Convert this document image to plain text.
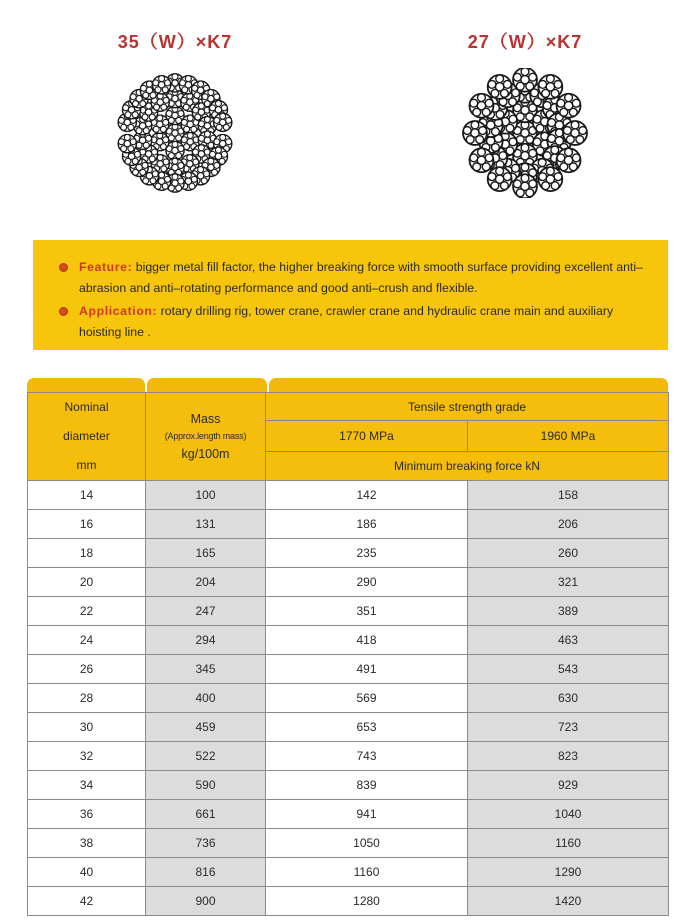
35（W）×K7	27（W）×K7
Feature: bigger metal fill factor, the higher breaking force with smooth surface providing excellent anti–abrasion and anti–rotating performance and good anti–crush and flexible.
Application: rotary drilling rig, tower crane, crawler crane and hydraulic crane main and auxiliary hoisting line .
Nominal
diameter
mm

Mass
(Approx.length mass)
kg/100m
	Tensile strength grade
		1770 MPa	1960 MPa
		Minimum breaking force kN	
14	100	142	158
16	131	186	206
18	165	235	260
20	204	290	321
22	247	351	389
24	294	418	463
26	345	491	543
28	400	569	630
30	459	653	723
32	522	743	823
34	590	839	929
36	661	941	1040
38	736	1050	1160
40	816	1160	1290
42	900	1280	1420
